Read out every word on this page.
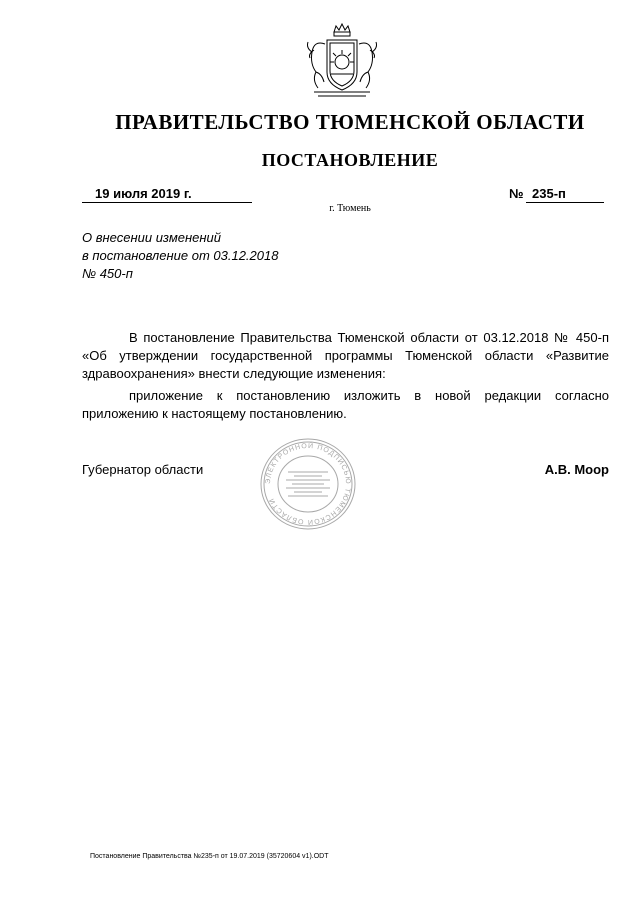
ПРАВИТЕЛЬСТВО ТЮМЕНСКОЙ ОБЛАСТИ
ПОСТАНОВЛЕНИЕ
19 июля 2019 г.	№ 235-п
г. Тюмень
О внесении изменений
в постановление от 03.12.2018
№ 450-п

В постановление Правительства Тюменской области от 03.12.2018 № 450-п «Об утверждении государственной программы Тюменской области «Развитие здравоохранения» внести следующие изменения:

приложение к постановлению изложить в новой редакции согласно приложению к настоящему постановлению.

Губернатор области
ЭЛЕКТРОННОЙ ПОДПИСЬЮ ТЮМЕНСКОЙ ОБЛАСТИ
А.В. Моор
Постановление Правительства №235-п от 19.07.2019 (35720604 v1).ODT
